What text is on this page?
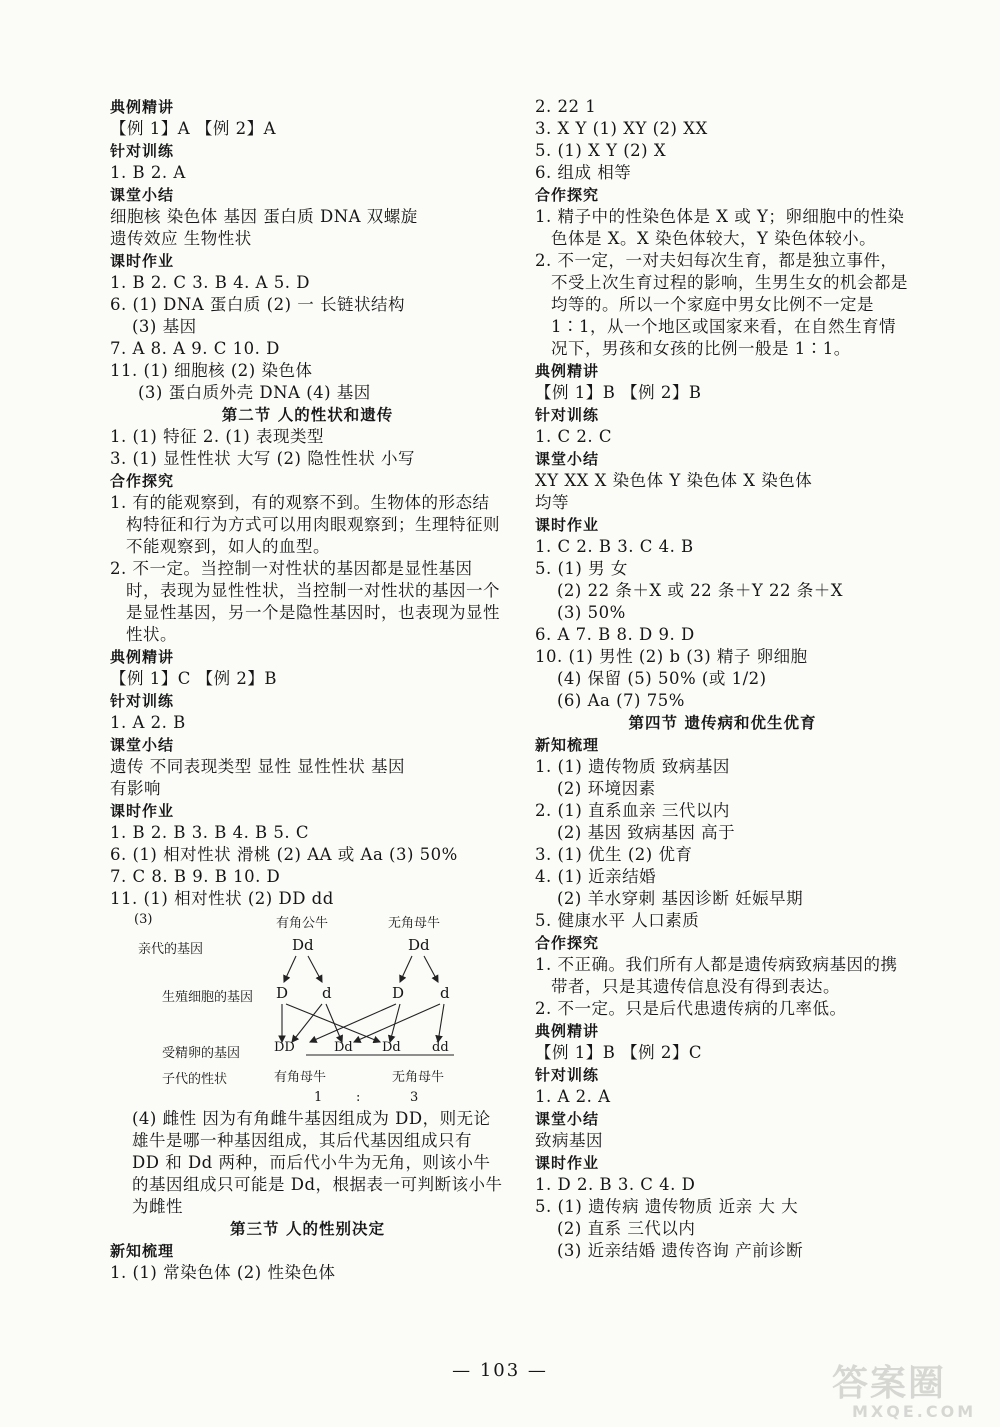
典例精讲

【例 1】A 【例 2】A

针对训练

1. B 2. A

课堂小结

细胞核 染色体 基因 蛋白质 DNA 双螺旋

遗传效应 生物性状

课时作业

1. B 2. C 3. B 4. A 5. D

6. (1) DNA 蛋白质 (2) 一 长链状结构

(3) 基因

7. A 8. A 9. C 10. D

11. (1) 细胞核 (2) 染色体

(3) 蛋白质外壳 DNA (4) 基因

第二节 人的性状和遗传

1. (1) 特征 2. (1) 表现类型

3. (1) 显性性状 大写 (2) 隐性性状 小写

合作探究

1. 有的能观察到，有的观察不到。生物体的形态结构特征和行为方式可以用肉眼观察到；生理特征则不能观察到，如人的血型。

2. 不一定。当控制一对性状的基因都是显性基因时，表现为显性性状，当控制一对性状的基因一个是显性基因，另一个是隐性基因时，也表现为显性性状。

典例精讲

【例 1】C 【例 2】B

针对训练

1. A 2. B

课堂小结

遗传 不同表现类型 显性 显性性状 基因

有影响

课时作业

1. B 2. B 3. B 4. B 5. C

6. (1) 相对性状 滑桃 (2) AA 或 Aa (3) 50%

7. C 8. B 9. B 10. D

11. (1) 相对性状 (2) DD dd

(3)	有角公牛	无角母牛
亲代的基因	Dd	Dd
生殖细胞的基因 D d	D d
受精卵的基因	DD	Dd Dd dd
子代的性状	有角母牛	无角母牛
1	:	3

(4) 雌性 因为有角雌牛基因组成为 DD，则无论雄牛是哪一种基因组成，其后代基因组成只有 DD 和 Dd 两种，而后代小牛为无角，则该小牛的基因组成只可能是 Dd，根据表一可判断该小牛为雌性

第三节 人的性别决定

新知梳理

1. (1) 常染色体 (2) 性染色体

2. 22 1

3. X Y (1) XY (2) XX

5. (1) X Y (2) X

6. 组成 相等

合作探究

1. 精子中的性染色体是 X 或 Y；卵细胞中的性染色体是 X。X 染色体较大，Y 染色体较小。

2. 不一定，一对夫妇每次生育，都是独立事件，不受上次生育过程的影响，生男生女的机会都是均等的。所以一个家庭中男女比例不一定是 1∶1，从一个地区或国家来看，在自然生育情况下，男孩和女孩的比例一般是 1∶1。

典例精讲

【例 1】B 【例 2】B

针对训练

1. C 2. C

课堂小结

XY XX X 染色体 Y 染色体 X 染色体

均等

课时作业

1. C 2. B 3. C 4. B

5. (1) 男 女

(2) 22 条＋X 或 22 条＋Y 22 条＋X

(3) 50%

6. A 7. B 8. D 9. D

10. (1) 男性 (2) b (3) 精子 卵细胞

(4) 保留 (5) 50% (或 1/2)

(6) Aa (7) 75%

第四节 遗传病和优生优育

新知梳理

1. (1) 遗传物质 致病基因

(2) 环境因素

2. (1) 直系血亲 三代以内

(2) 基因 致病基因 高于

3. (1) 优生 (2) 优育

4. (1) 近亲结婚

(2) 羊水穿刺 基因诊断 妊娠早期

5. 健康水平 人口素质

合作探究

1. 不正确。我们所有人都是遗传病致病基因的携带者，只是其遗传信息没有得到表达。

2. 不一定。只是后代患遗传病的几率低。

典例精讲

【例 1】B 【例 2】C

针对训练

1. A 2. A

课堂小结

致病基因

课时作业

1. D 2. B 3. C 4. D

5. (1) 遗传病 遗传物质 近亲 大 大

(2) 直系 三代以内

(3) 近亲结婚 遗传咨询 产前诊断

— 103 —	答案圈
MXQE.COM
